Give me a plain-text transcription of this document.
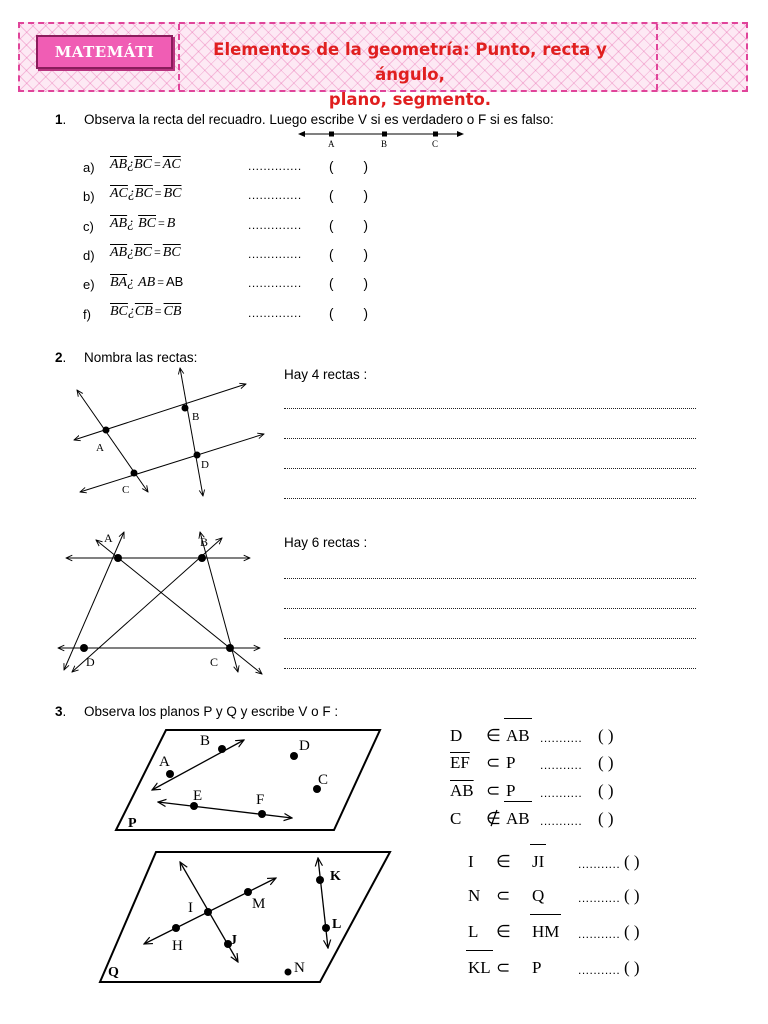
MATEMÁTI	Elementos de la geometría: Punto, recta y ángulo,
plano, segmento.
1. Observa la recta del recuadro. Luego escribe V si es verdadero o F si es falso:
A	B	C
a) $\overline{AB}¿\overline{BC} = \overline{AC}$	.............. (        )
b) $\overline{AC}¿\overline{BC} = \overline{BC}$	.............. (        )
c) $\overline{AB}¿$ $\overline{BC} = B$	.............. (        )
d) $\overline{AB}¿\overline{BC} = \overline{BC}$	.............. (        )
e) $\overline{BA}¿$ AB = AB	.............. (        )
f) $\overline{BC}¿\overline{CB} = \overline{CB}$	.............. (        )
2. Nombra las rectas:
A
B
C
D
Hay 4 rectas :
A	B
D	C
Hay 6 rectas :
3. Observa los planos P y Q y escribe V o F :
B
A
D
C
E	F
P
K
I	M
L
H	J
N
Q
D ∈ AB ........... ( )
$\overline{EF}$ ⊂ P ........... ( )
$\overline{AB}$ ⊂ P ........... ( )
C ∉ AB ........... ( )
I ∈ JI	........... ( )
N ⊂ Q	........... ( )
L ∈ HM ........... ( )
KL ⊂ P	........... ( )
